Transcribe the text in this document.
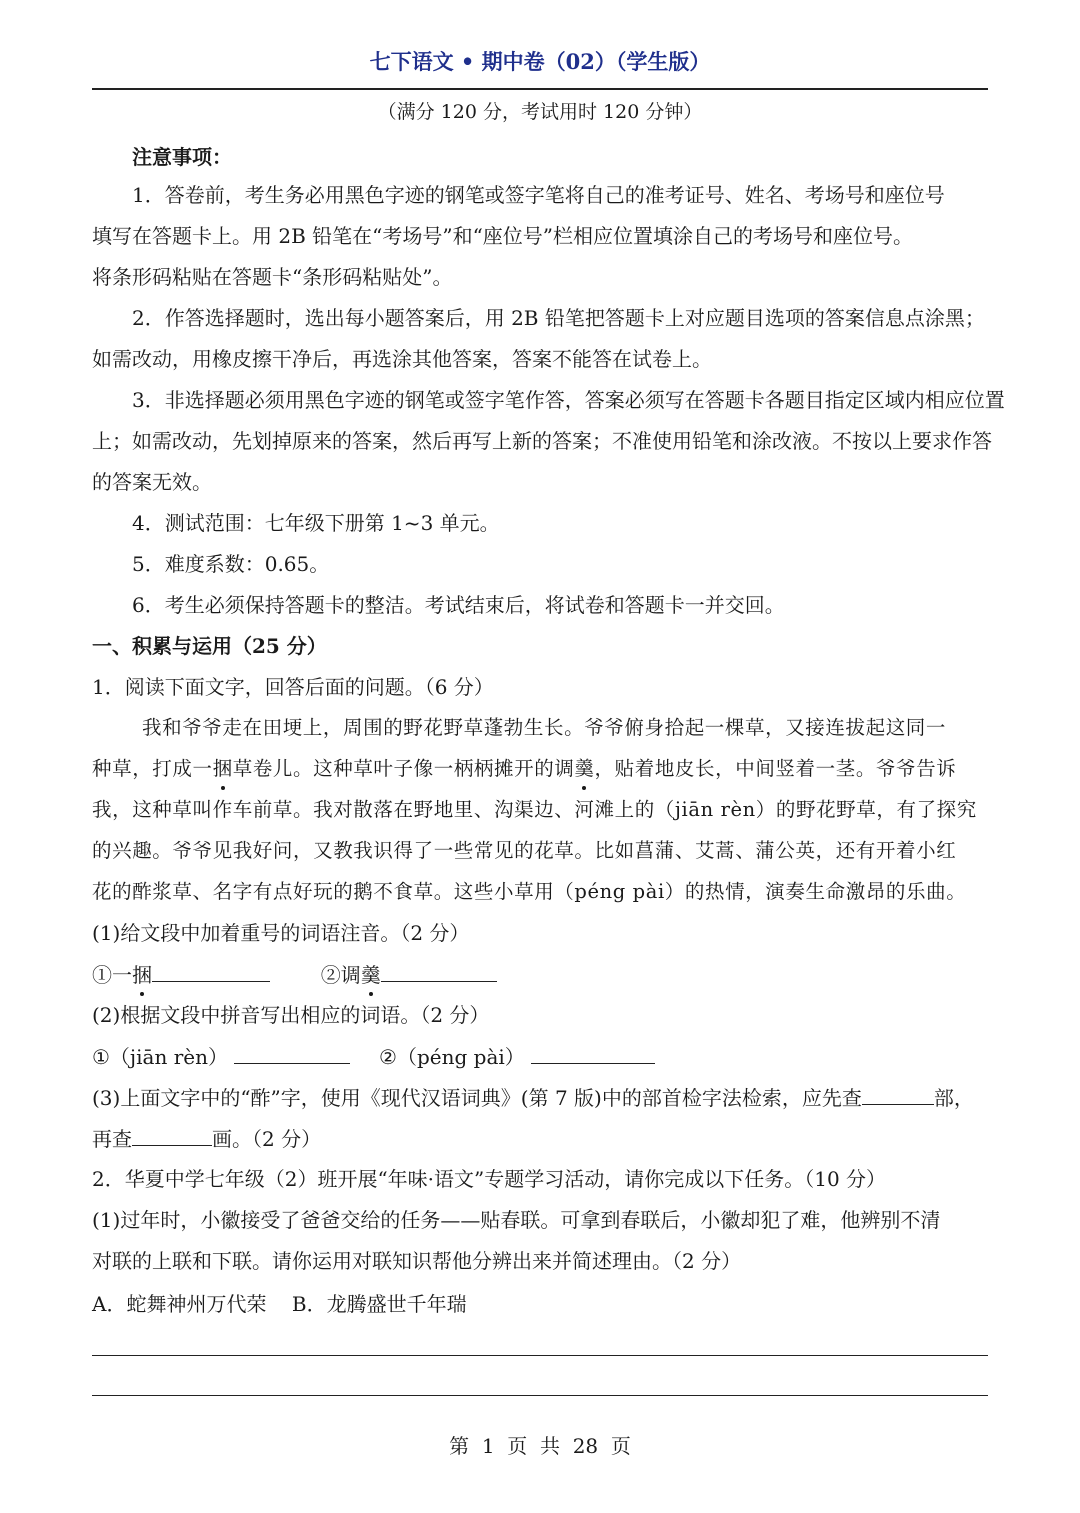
七下语文 • 期中卷（02）（学生版）
（满分 120 分，考试用时 120 分钟）
注意事项：
1．答卷前，考生务必用黑色字迹的钢笔或签字笔将自己的准考证号、姓名、考场号和座位号
填写在答题卡上。用 2B 铅笔在“考场号”和“座位号”栏相应位置填涂自己的考场号和座位号。
将条形码粘贴在答题卡“条形码粘贴处”。
2．作答选择题时，选出每小题答案后，用 2B 铅笔把答题卡上对应题目选项的答案信息点涂黑；
如需改动，用橡皮擦干净后，再选涂其他答案，答案不能答在试卷上。
3．非选择题必须用黑色字迹的钢笔或签字笔作答，答案必须写在答题卡各题目指定区域内相应位置
上；如需改动，先划掉原来的答案，然后再写上新的答案；不准使用铅笔和涂改液。不按以上要求作答
的答案无效。
4．测试范围：七年级下册第 1~3 单元。
5．难度系数：0.65。
6．考生必须保持答题卡的整洁。考试结束后，将试卷和答题卡一并交回。
一、积累与运用（25 分）
1．阅读下面文字，回答后面的问题。（6 分）
我和爷爷走在田埂上，周围的野花野草蓬勃生长。爷爷俯身拾起一棵草，又接连拔起这同一
种草，打成一捆草卷儿。这种草叶子像一柄柄摊开的调羹，贴着地皮长，中间竖着一茎。爷爷告诉
我，这种草叫作车前草。我对散落在野地里、沟渠边、河滩上的（jiān rèn）的野花野草，有了探究
的兴趣。爷爷见我好问，又教我识得了一些常见的花草。比如菖蒲、艾蒿、蒲公英，还有开着小红
花的酢浆草、名字有点好玩的鹅不食草。这些小草用（péng pài）的热情，演奏生命激昂的乐曲。
(1)给文段中加着重号的词语注音。（2 分）
①一捆	②调羹
(2)根据文段中拼音写出相应的词语。（2 分）
①（jiān rèn）	②（péng pài）
(3)上面文字中的“酢”字，使用《现代汉语词典》(第 7 版)中的部首检字法检索，应先查	部，
再查	画。（2 分）
2．华夏中学七年级（2）班开展“年味·语文”专题学习活动，请你完成以下任务。（10 分）
(1)过年时，小徽接受了爸爸交给的任务——贴春联。可拿到春联后，小徽却犯了难，他辨别不清
对联的上联和下联。请你运用对联知识帮他分辨出来并简述理由。（2 分）
A．蛇舞神州万代荣    B．龙腾盛世千年瑞
第  1  页  共  28  页
